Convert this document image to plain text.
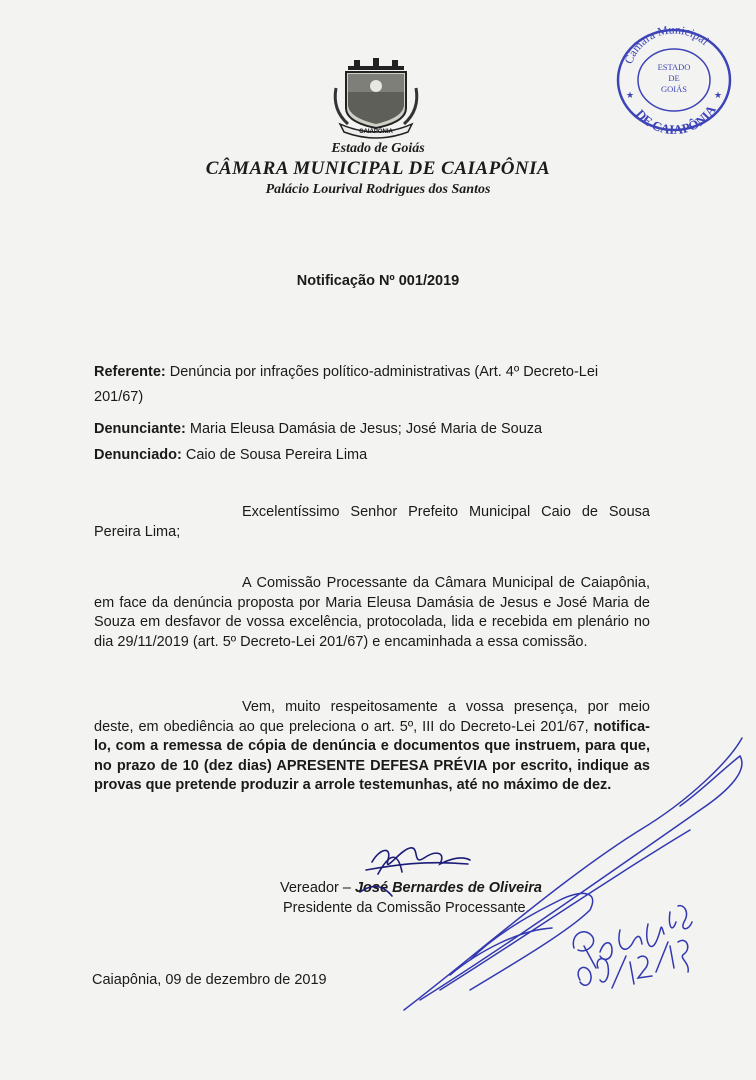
CAIAPÔNIA
Câmara Municipal
DE CAIAPÔNIA
ESTADO
DE
GOIÁS
★	★
Estado de Goiás
CÂMARA MUNICIPAL DE CAIAPÔNIA
Palácio Lourival Rodrigues dos Santos
Notificação Nº 001/2019
Referente: Denúncia por infrações político-administrativas (Art. 4º Decreto-Lei 201/67)
Denunciante: Maria Eleusa Damásia de Jesus; José Maria de Souza
Denunciado: Caio de Sousa Pereira Lima
Excelentíssimo Senhor Prefeito Municipal Caio de Sousa Pereira Lima;
A Comissão Processante da Câmara Municipal de Caiapônia, em face da denúncia proposta por Maria Eleusa Damásia de Jesus e José Maria de Souza em desfavor de vossa excelência, protocolada, lida e recebida em plenário no dia 29/11/2019 (art. 5º Decreto-Lei 201/67) e encaminhada a essa comissão.
Vem, muito respeitosamente a vossa presença, por meio deste, em obediência ao que preleciona o art. 5º, III do Decreto-Lei 201/67, notifica-lo, com a remessa de cópia de denúncia e documentos que instruem, para que, no prazo de 10 (dez dias) APRESENTE DEFESA PRÉVIA por escrito, indique as provas que pretende produzir a arrole testemunhas, até no máximo de dez.
Vereador – José Bernardes de Oliveira
Presidente da Comissão Processante.
Caiapônia, 09 de dezembro de 2019
